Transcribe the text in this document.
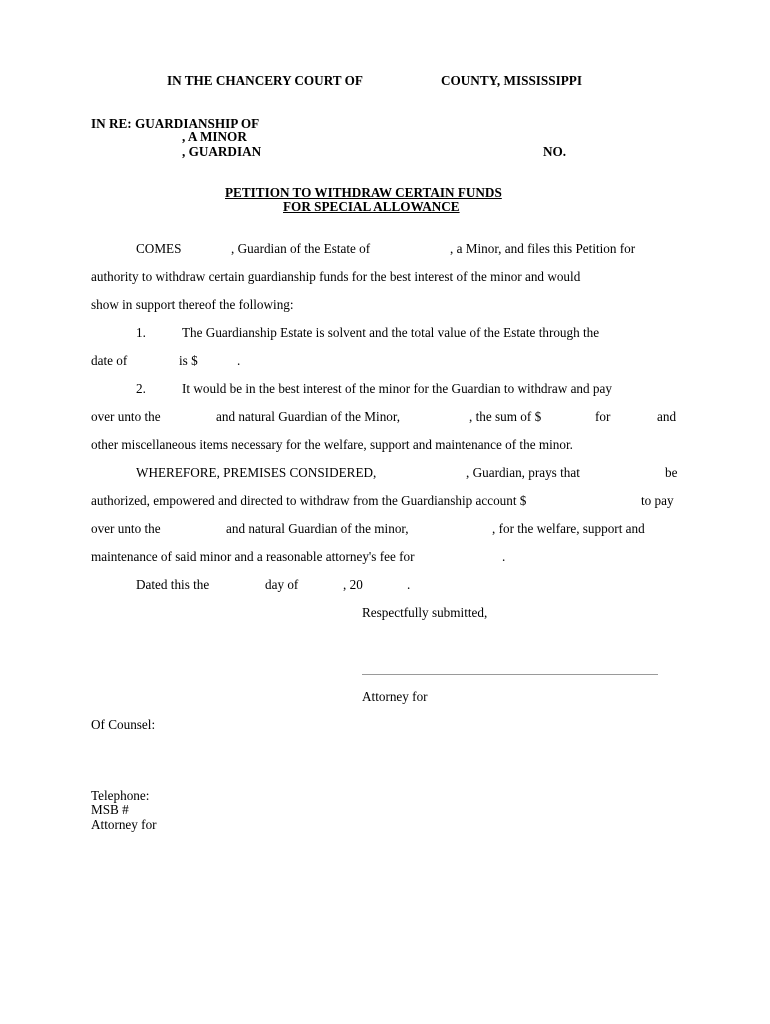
IN THE CHANCERY COURT OF	COUNTY, MISSISSIPPI
IN RE: GUARDIANSHIP OF
, A MINOR
, GUARDIAN	NO.
PETITION TO WITHDRAW CERTAIN FUNDS
FOR SPECIAL ALLOWANCE
COMES	, Guardian of the Estate of	, a Minor, and files this Petition for
authority to withdraw certain guardianship funds for the best interest of the minor and would
show in support thereof the following:
1.	The Guardianship Estate is solvent and the total value of the Estate through the
date of	is $	.
2.	It would be in the best interest of the minor for the Guardian to withdraw and pay
over unto the	and natural Guardian of the Minor,	, the sum of $	for	and
other miscellaneous items necessary for the welfare, support and maintenance of the minor.
WHEREFORE, PREMISES CONSIDERED,	, Guardian, prays that	be
authorized, empowered and directed to withdraw from the Guardianship account $	to pay
over unto the	and natural Guardian of the minor,	, for the welfare, support and
maintenance of said minor and a reasonable attorney's fee for	.
Dated this the	day of	, 20	.
Respectfully submitted,
Attorney for
Of Counsel:
Telephone:
MSB #
Attorney for
